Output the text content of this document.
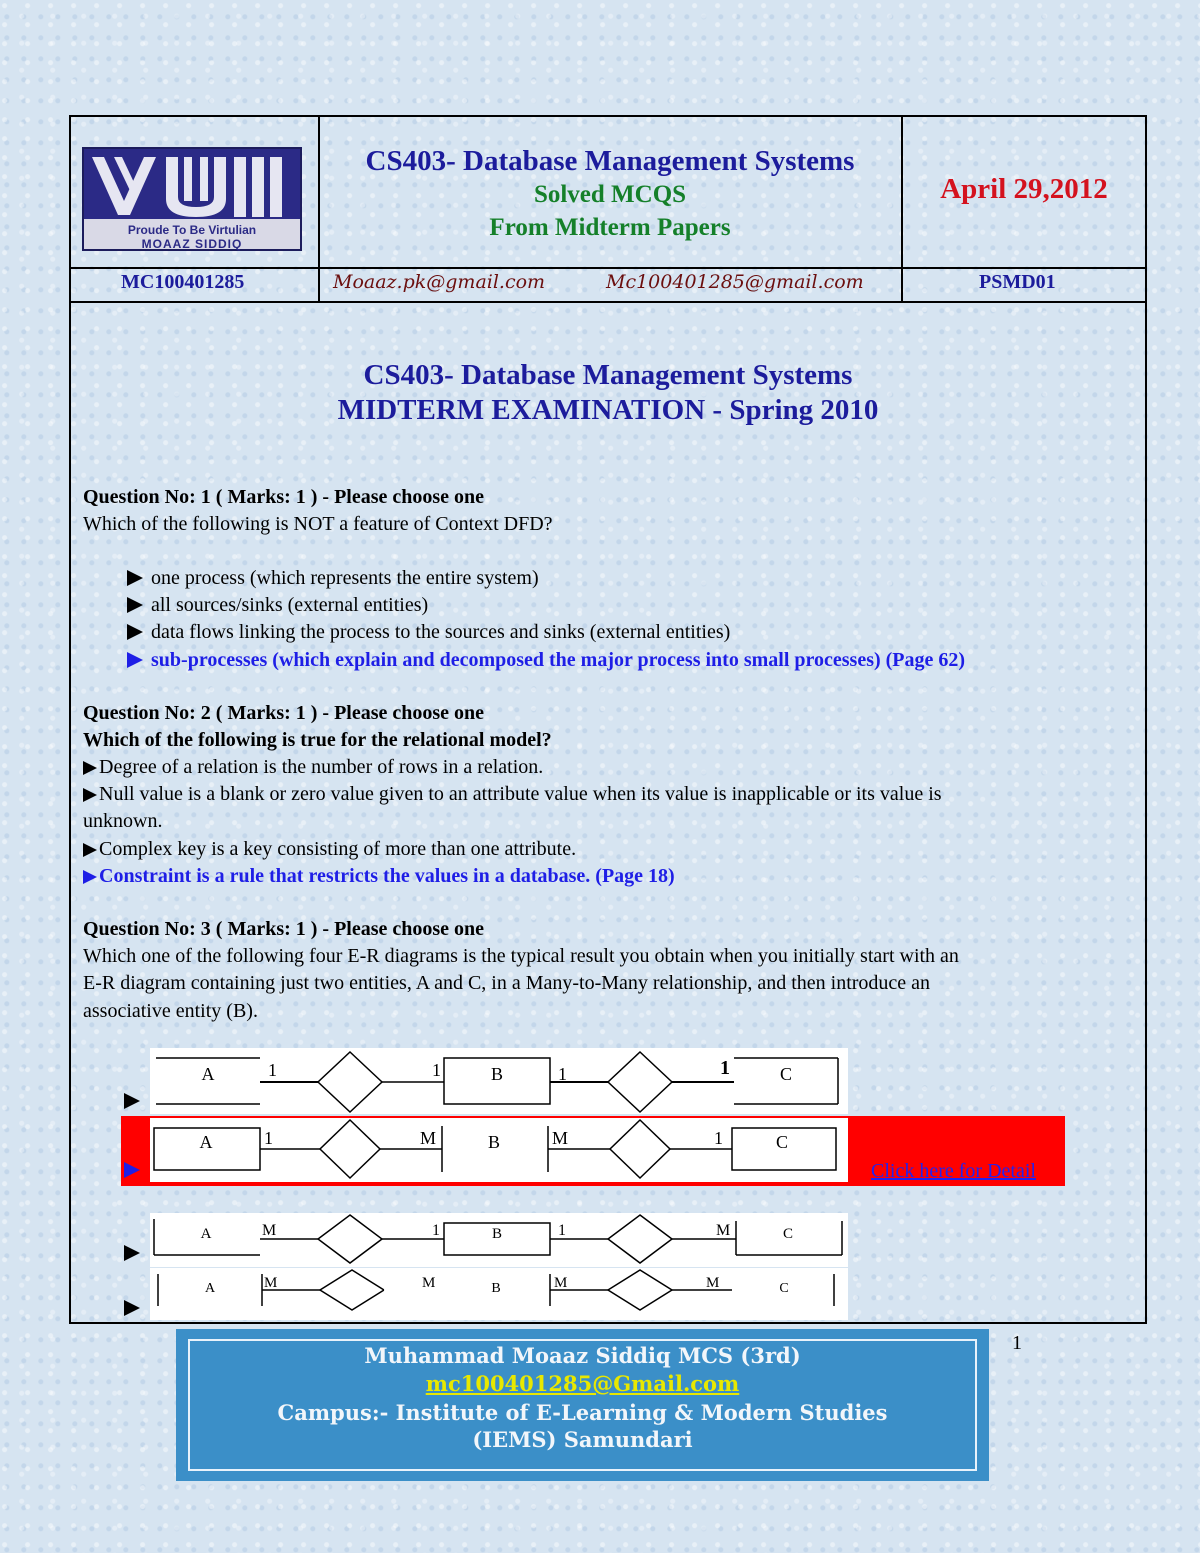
Proude To Be Virtulian
MOAAZ SIDDIQ
CS403- Database Management Systems
Solved MCQS
From Midterm Papers
April 29,2012
MC100401285	Moaaz.pk@gmail.com	Mc100401285@gmail.com	PSMD01
CS403- Database Management Systems
MIDTERM EXAMINATION - Spring 2010
Question No: 1 ( Marks: 1 ) - Please choose one
Which of the following is NOT a feature of Context DFD?
one process (which represents the entire system)
all sources/sinks (external entities)
data flows linking the process to the sources and sinks (external entities)
sub-processes (which explain and decomposed the major process into small processes) (Page 62)
Question No: 2 ( Marks: 1 ) - Please choose one
Which of the following is true for the relational model?
Degree of a relation is the number of rows in a relation.
Null value is a blank or zero value given to an attribute value when its value is inapplicable or its value is
unknown.
Complex key is a key consisting of more than one attribute.
Constraint is a rule that restricts the values in a database. (Page 18)
Question No: 3 ( Marks: 1 ) - Please choose one
Which one of the following four E-R diagrams is the typical result you obtain when you initially start with an
E-R diagram containing just two entities, A and C, in a Many-to-Many relationship, and then introduce an
associative entity (B).
A	B	C
1	1	1	1
A	B	C
1	M	M	1
Click here for Detail
A	B	C
M	1	1	M
A	B	C
M	M	M	M
1
Muhammad Moaaz Siddiq MCS (3rd)
mc100401285@Gmail.com
Campus:- Institute of E-Learning & Modern Studies
(IEMS) Samundari
